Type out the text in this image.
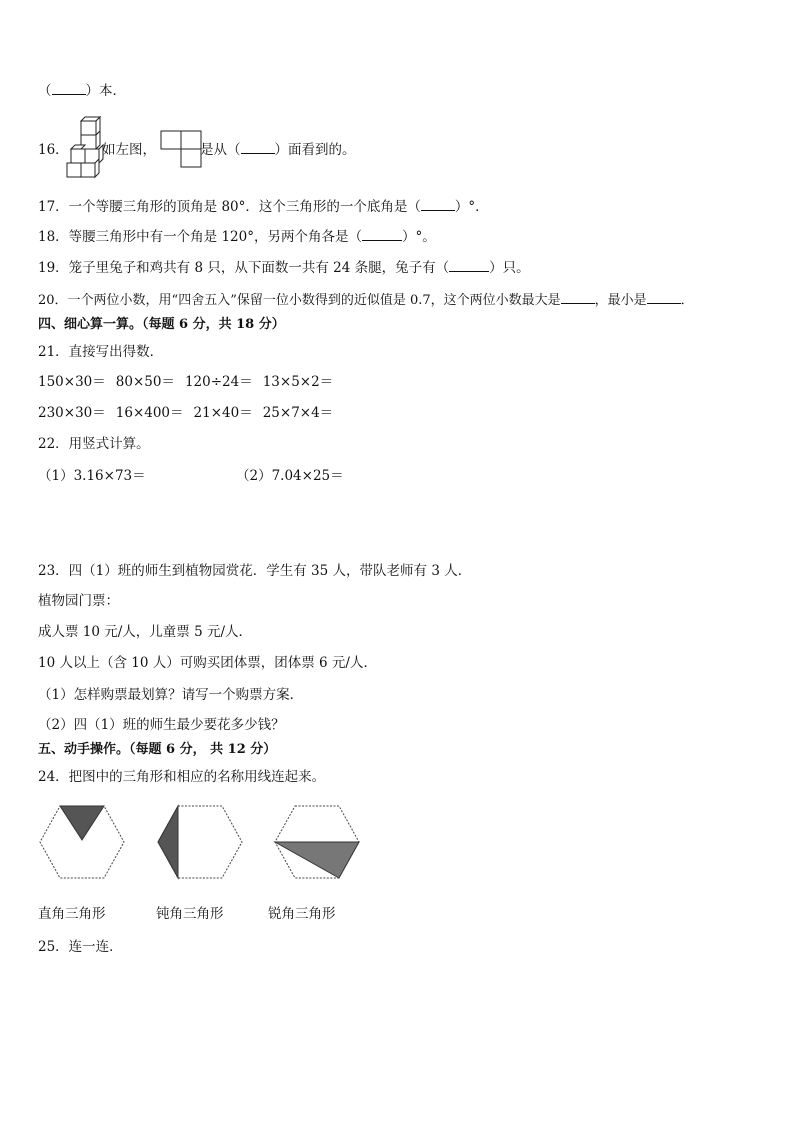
（	）本．
16． 如左图，	是从（	）面看到的。
17．一个等腰三角形的顶角是 80°．这个三角形的一个底角是（	）°．
18．等腰三角形中有一个角是 120°，另两个角各是（	）°。
19．笼子里兔子和鸡共有 8 只，从下面数一共有 24 条腿，兔子有（	）只。
20．一个两位小数，用“四舍五入”保留一位小数得到的近似值是 0.7，这个两位小数最大是	，最小是	．
四、细心算一算。（每题 6 分，共 18 分）
21．直接写出得数．
150×30＝ 80×50＝ 120÷24＝ 13×5×2＝
230×30＝ 16×400＝ 21×40＝ 25×7×4＝
22．用竖式计算。
（1）3.16×73＝	（2）7.04×25＝
23．四（1）班的师生到植物园赏花．学生有 35 人，带队老师有 3 人．
植物园门票：
成人票 10 元/人，儿童票 5 元/人．
10 人以上（含 10 人）可购买团体票，团体票 6 元/人．
（1）怎样购票最划算？请写一个购票方案．
（2）四（1）班的师生最少要花多少钱？
五、动手操作。（每题 6 分， 共 12 分）
24．把图中的三角形和相应的名称用线连起来。
直角三角形	钝角三角形	锐角三角形
25．连一连．
